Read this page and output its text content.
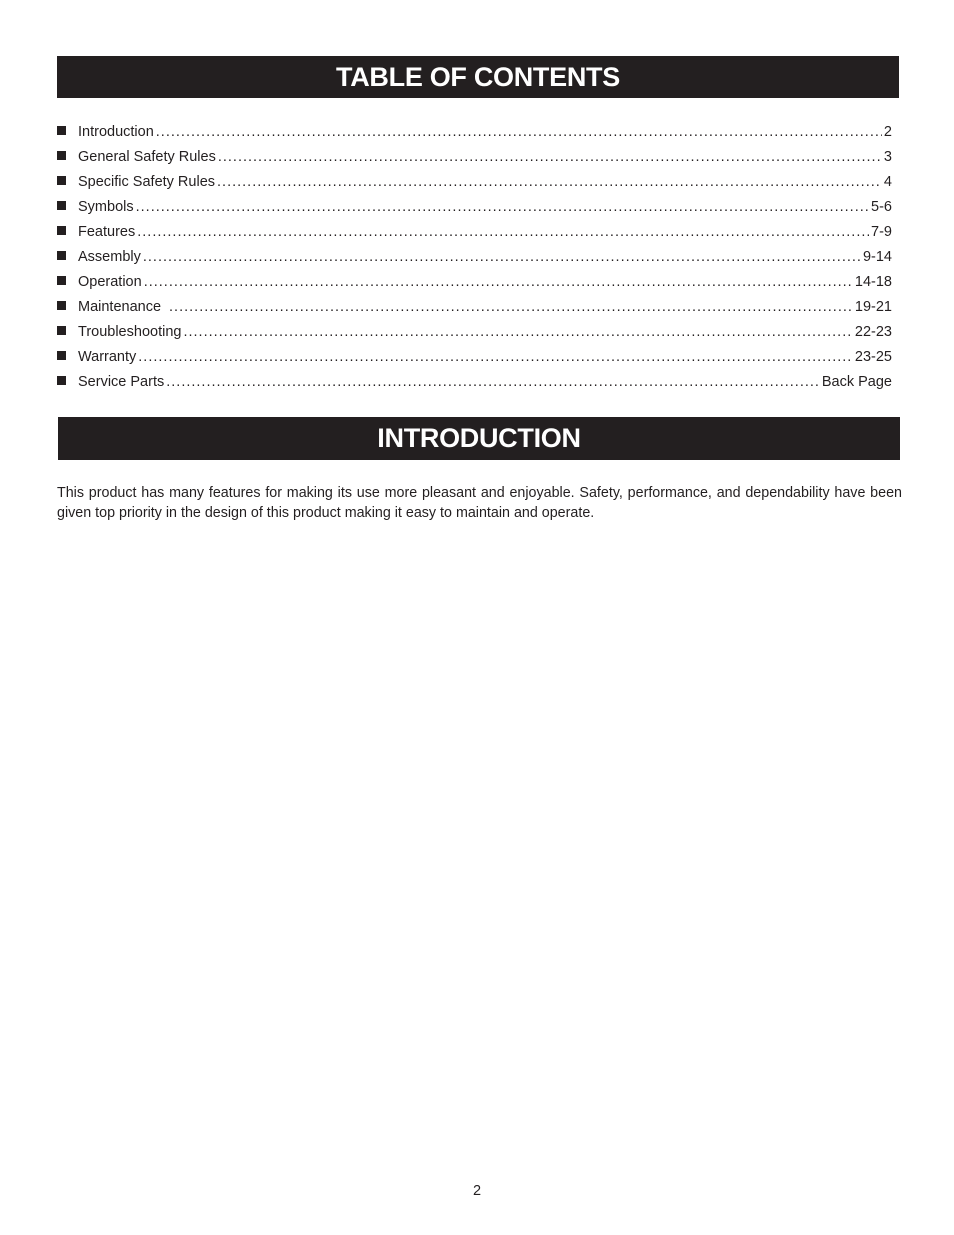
TABLE OF CONTENTS
Introduction .....	2
General Safety Rules .....	3
Specific Safety Rules .....	4
Symbols .....	5-6
Features .....	7-9
Assembly .....	9-14
Operation .....	14-18
Maintenance .....	19-21
Troubleshooting .....	22-23
Warranty .....	23-25
Service Parts .....	Back Page
INTRODUCTION

This product has many features for making its use more pleasant and enjoyable. Safety, performance, and dependability have been given top priority in the design of this product making it easy to maintain and operate.

2
